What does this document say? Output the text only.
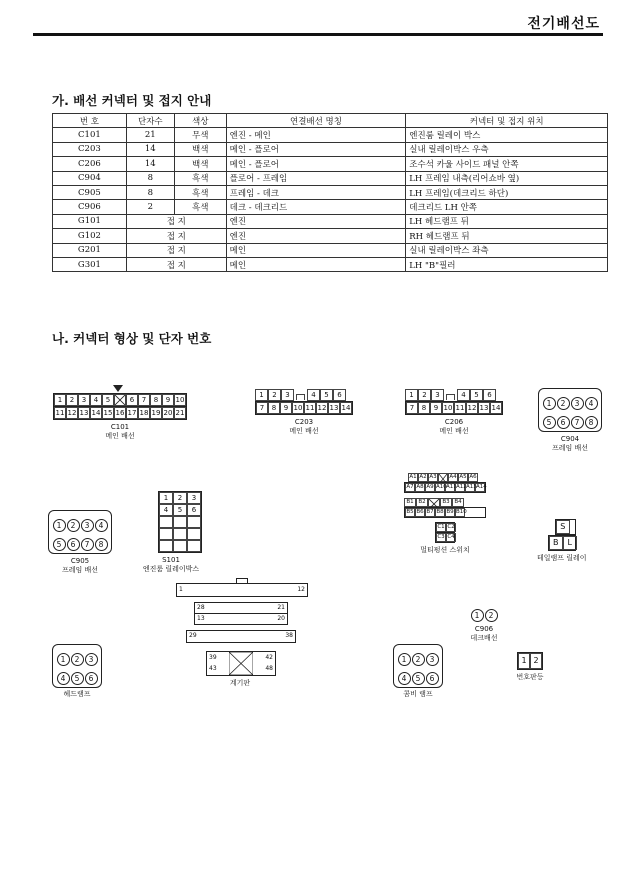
전기배선도
가. 배선 커넥터 및 접지 안내
번 호	단자수	색상	연결배선 명칭	커넥터 및 접지 위치
C101	21	무색	엔진 - 메인	엔진룸 릴레이 박스
C203	14	백색	메인 - 플로어	실내 릴레이박스 우측
C206	14	백색	메인 - 플로어	조수석 카울 사이드 패널 안쪽
C904	8	흑색	플로어 - 프레임	LH 프레임 내측(리어쇼바 옆)
C905	8	흑색	프레임 - 데크	LH 프레임(데크리드 하단)
C906	2	흑색	데크 - 데크리드	데크리드 LH 안쪽
G101	접 지		엔진	LH 헤드램프 뒤
G102	접 지		엔진	RH 헤드램프 뒤
G201	접 지		메인	실내 릴레이박스 좌측
G301	접 지		메인	LH "B"필러
나. 커넥터 형상 및 단자 번호
1	2	3	4	5	6	7	8	9 10
11 12 13 14 15 16 17 18 19 20 21
C101
메인 배선
1	2	3	4	5	6
7	8	9 10 11 12 13 14
C203
메인 배선
1	2	3	4	5	6
7	8	9 10 11 12 13 14
C206
메인 배선
1 2 3 4
5 6 7 8
C904
프레임 배선
1	2	3
4	5	6
S101
엔진룸 릴레이박스
1 2 3 4
5 6 7 8
C905
프레임 배선
A1 A2 A3 A4 A5 A6
A7 A8 A9 A10 A11 A12 A13 A14
B1 B2	B3 B4
B5 B6 B7 B8 B9 B10
C1 C2
C3 C4
멀티펑션 스위치
S
B	L
테일램프 릴레이
1	12
28	21
13	20
29	38
39	42
43	48
계기판
1 2
C906
데크배선
1 2 3
4 5 6
헤드램프
1 2 3
4 5 6
콤비 램프
1 2
번호판등
